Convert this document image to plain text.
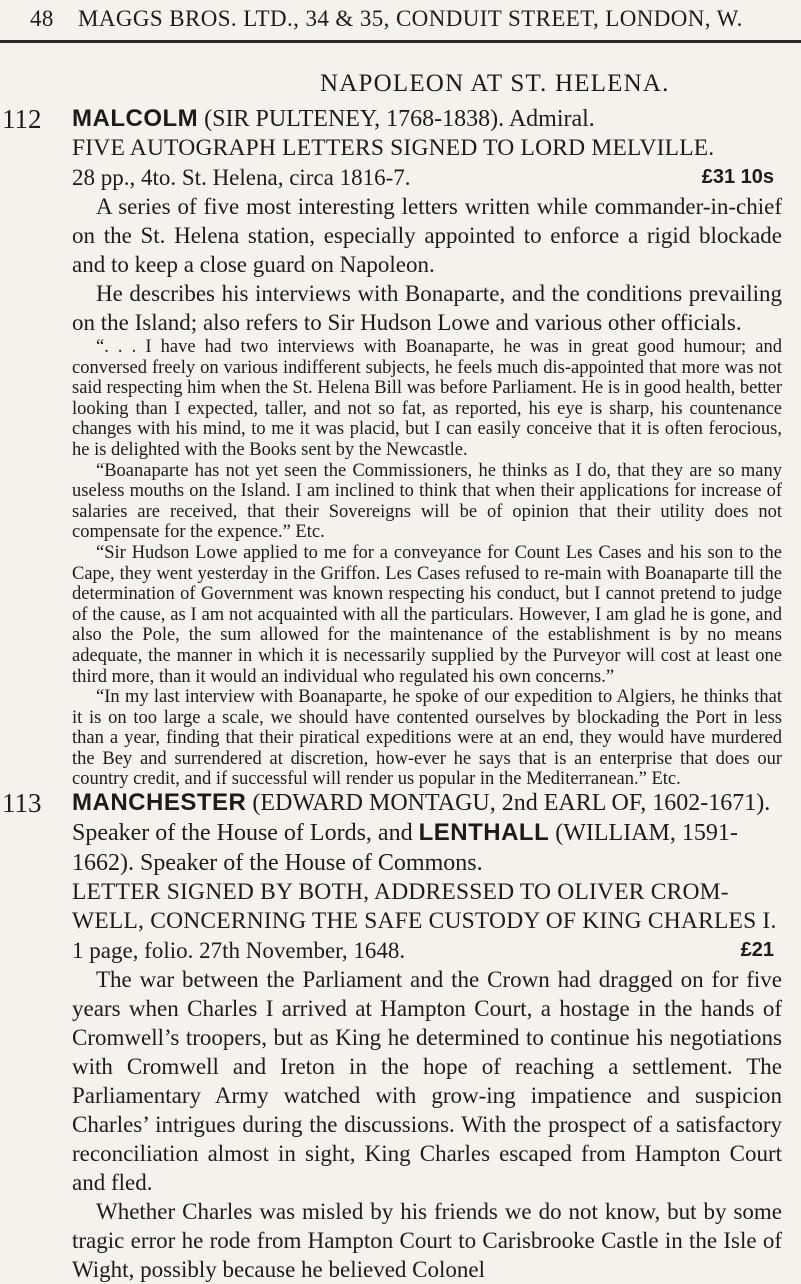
48 MAGGS BROS. LTD., 34 & 35, CONDUIT STREET, LONDON, W.
NAPOLEON AT ST. HELENA.
112 MALCOLM (SIR PULTENEY, 1768-1838). Admiral.
FIVE AUTOGRAPH LETTERS SIGNED TO LORD MELVILLE.
28 pp., 4to. St. Helena, circa 1816-7.	£31 10s

A series of five most interesting letters written while commander-in-chief on the St. Helena station, especially appointed to enforce a rigid blockade and to keep a close guard on Napoleon.

He describes his interviews with Bonaparte, and the conditions prevailing on the Island; also refers to Sir Hudson Lowe and various other officials.

“. . . I have had two interviews with Boanaparte, he was in great good humour; and conversed freely on various indifferent subjects, he feels much dis-appointed that more was not said respecting him when the St. Helena Bill was before Parliament. He is in good health, better looking than I expected, taller, and not so fat, as reported, his eye is sharp, his countenance changes with his mind, to me it was placid, but I can easily conceive that it is often ferocious, he is delighted with the Books sent by the Newcastle.

“Boanaparte has not yet seen the Commissioners, he thinks as I do, that they are so many useless mouths on the Island. I am inclined to think that when their applications for increase of salaries are received, that their Sovereigns will be of opinion that their utility does not compensate for the expence.” Etc.

“Sir Hudson Lowe applied to me for a conveyance for Count Les Cases and his son to the Cape, they went yesterday in the Griffon. Les Cases refused to re-main with Boanaparte till the determination of Government was known respecting his conduct, but I cannot pretend to judge of the cause, as I am not acquainted with all the particulars. However, I am glad he is gone, and also the Pole, the sum allowed for the maintenance of the establishment is by no means adequate, the manner in which it is necessarily supplied by the Purveyor will cost at least one third more, than it would an individual who regulated his own concerns.”

“In my last interview with Boanaparte, he spoke of our expedition to Algiers, he thinks that it is on too large a scale, we should have contented ourselves by blockading the Port in less than a year, finding that their piratical expeditions were at an end, they would have murdered the Bey and surrendered at discretion, how-ever he says that is an enterprise that does our country credit, and if successful will render us popular in the Mediterranean.” Etc.

113 MANCHESTER (EDWARD MONTAGU, 2nd EARL OF, 1602-1671).
Speaker of the House of Lords, and LENTHALL (WILLIAM, 1591-
1662). Speaker of the House of Commons.
LETTER SIGNED BY BOTH, ADDRESSED TO OLIVER CROM-
WELL, CONCERNING THE SAFE CUSTODY OF KING CHARLES I.
1 page, folio. 27th November, 1648.	£21

The war between the Parliament and the Crown had dragged on for five years when Charles I arrived at Hampton Court, a hostage in the hands of Cromwell’s troopers, but as King he determined to continue his negotiations with Cromwell and Ireton in the hope of reaching a settlement. The Parliamentary Army watched with grow-ing impatience and suspicion Charles’ intrigues during the discussions. With the prospect of a satisfactory reconciliation almost in sight, King Charles escaped from Hampton Court and fled.

Whether Charles was misled by his friends we do not know, but by some tragic error he rode from Hampton Court to Carisbrooke Castle in the Isle of Wight, possibly because he believed Colonel
